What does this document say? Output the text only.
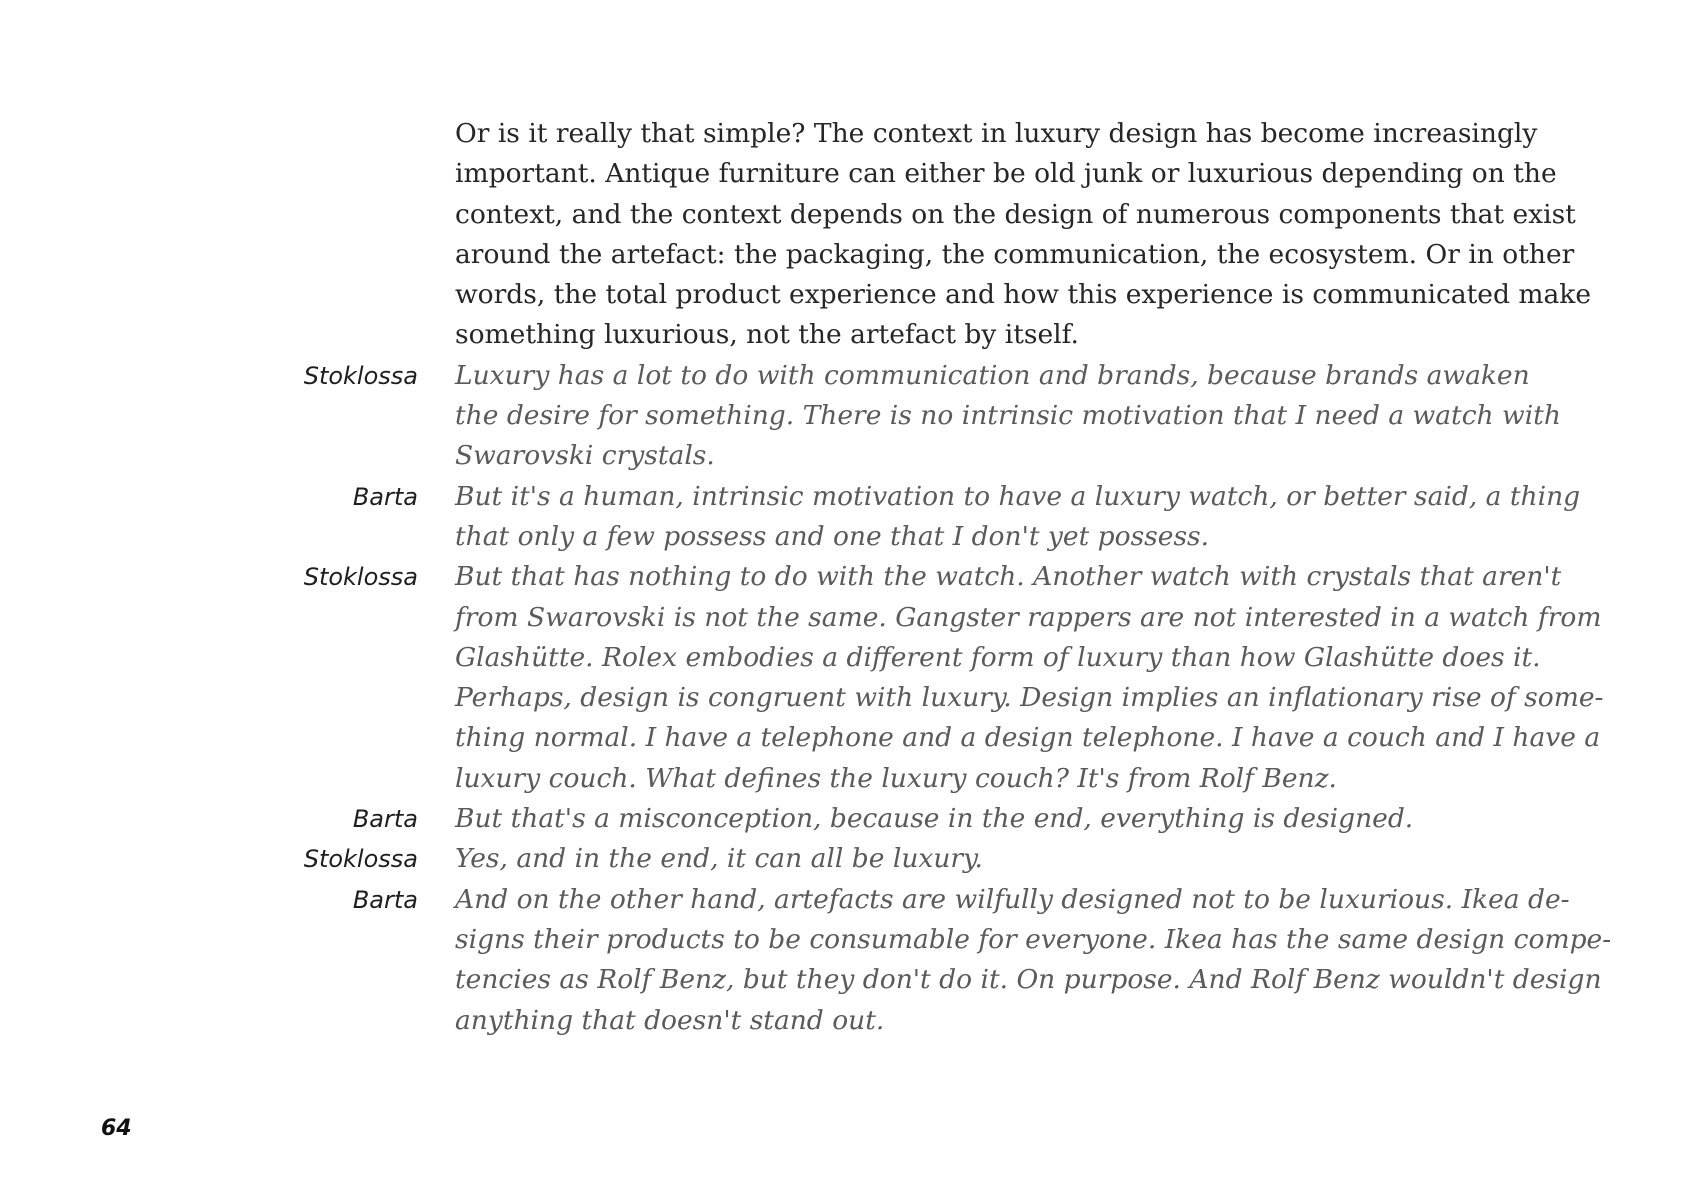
Or is it really that simple? The context in luxury design has become increasingly
important. Antique furniture can either be old junk or luxurious depending on the
context, and the context depends on the design of numerous components that exist
around the artefact: the packaging, the communication, the ecosystem. Or in other
words, the total product experience and how this experience is communicated make
something luxurious, not the artefact by itself.
Stoklossa	Luxury has a lot to do with communication and brands, because brands awaken
the desire for something. There is no intrinsic motivation that I need a watch with
Swarovski crystals.
Barta	But it's a human, intrinsic motivation to have a luxury watch, or better said, a thing
that only a few possess and one that I don't yet possess.
Stoklossa	But that has nothing to do with the watch. Another watch with crystals that aren't
from Swarovski is not the same. Gangster rappers are not interested in a watch from
Glashütte. Rolex embodies a different form of luxury than how Glashütte does it.
Perhaps, design is congruent with luxury. Design implies an inflationary rise of some-
thing normal. I have a telephone and a design telephone. I have a couch and I have a
luxury couch. What defines the luxury couch? It's from Rolf Benz.
Barta	But that's a misconception, because in the end, everything is designed.
Stoklossa	Yes, and in the end, it can all be luxury.
Barta	And on the other hand, artefacts are wilfully designed not to be luxurious. Ikea de-
signs their products to be consumable for everyone. Ikea has the same design compe-
tencies as Rolf Benz, but they don't do it. On purpose. And Rolf Benz wouldn't design
anything that doesn't stand out.
64
